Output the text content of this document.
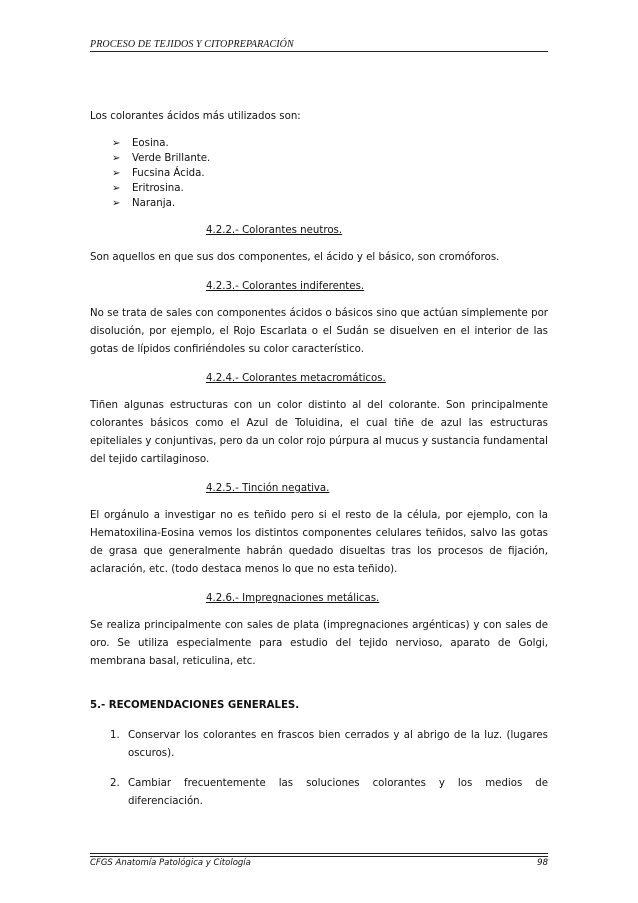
PROCESO DE TEJIDOS Y CITOPREPARACIÓN

Los colorantes ácidos más utilizados son:

➢ Eosina.
➢ Verde Brillante.
➢ Fucsina Ácida.
➢ Eritrosina.
➢ Naranja.
4.2.2.- Colorantes neutros.

Son aquellos en que sus dos componentes, el ácido y el básico, son cromóforos.

4.2.3.- Colorantes indiferentes.

No se trata de sales con componentes ácidos o básicos sino que actúan simplemente por disolución, por ejemplo, el Rojo Escarlata o el Sudán se disuelven en el interior de las gotas de lípidos confiriéndoles su color característico.

4.2.4.- Colorantes metacromáticos.

Tiñen algunas estructuras con un color distinto al del colorante. Son principalmente colorantes básicos como el Azul de Toluidina, el cual tiñe de azul las estructuras epiteliales y conjuntivas, pero da un color rojo púrpura al mucus y sustancia fundamental del tejido cartilaginoso.

4.2.5.- Tinción negativa.

El orgánulo a investigar no es teñido pero si el resto de la célula, por ejemplo, con la Hematoxilina-Eosina vemos los distintos componentes celulares teñidos, salvo las gotas de grasa que generalmente habrán quedado disueltas tras los procesos de fijación, aclaración, etc. (todo destaca menos lo que no esta teñido).

4.2.6.- Impregnaciones metálicas.

Se realiza principalmente con sales de plata (impregnaciones argénticas) y con sales de oro. Se utiliza especialmente para estudio del tejido nervioso, aparato de Golgi, membrana basal, reticulina, etc.

5.- RECOMENDACIONES GENERALES.
1. Conservar los colorantes en frascos bien cerrados y al abrigo de la luz. (lugares oscuros).
2. Cambiar frecuentemente las soluciones colorantes y los medios de diferenciación.
CFGS Anatomía Patológica y Citología	98
